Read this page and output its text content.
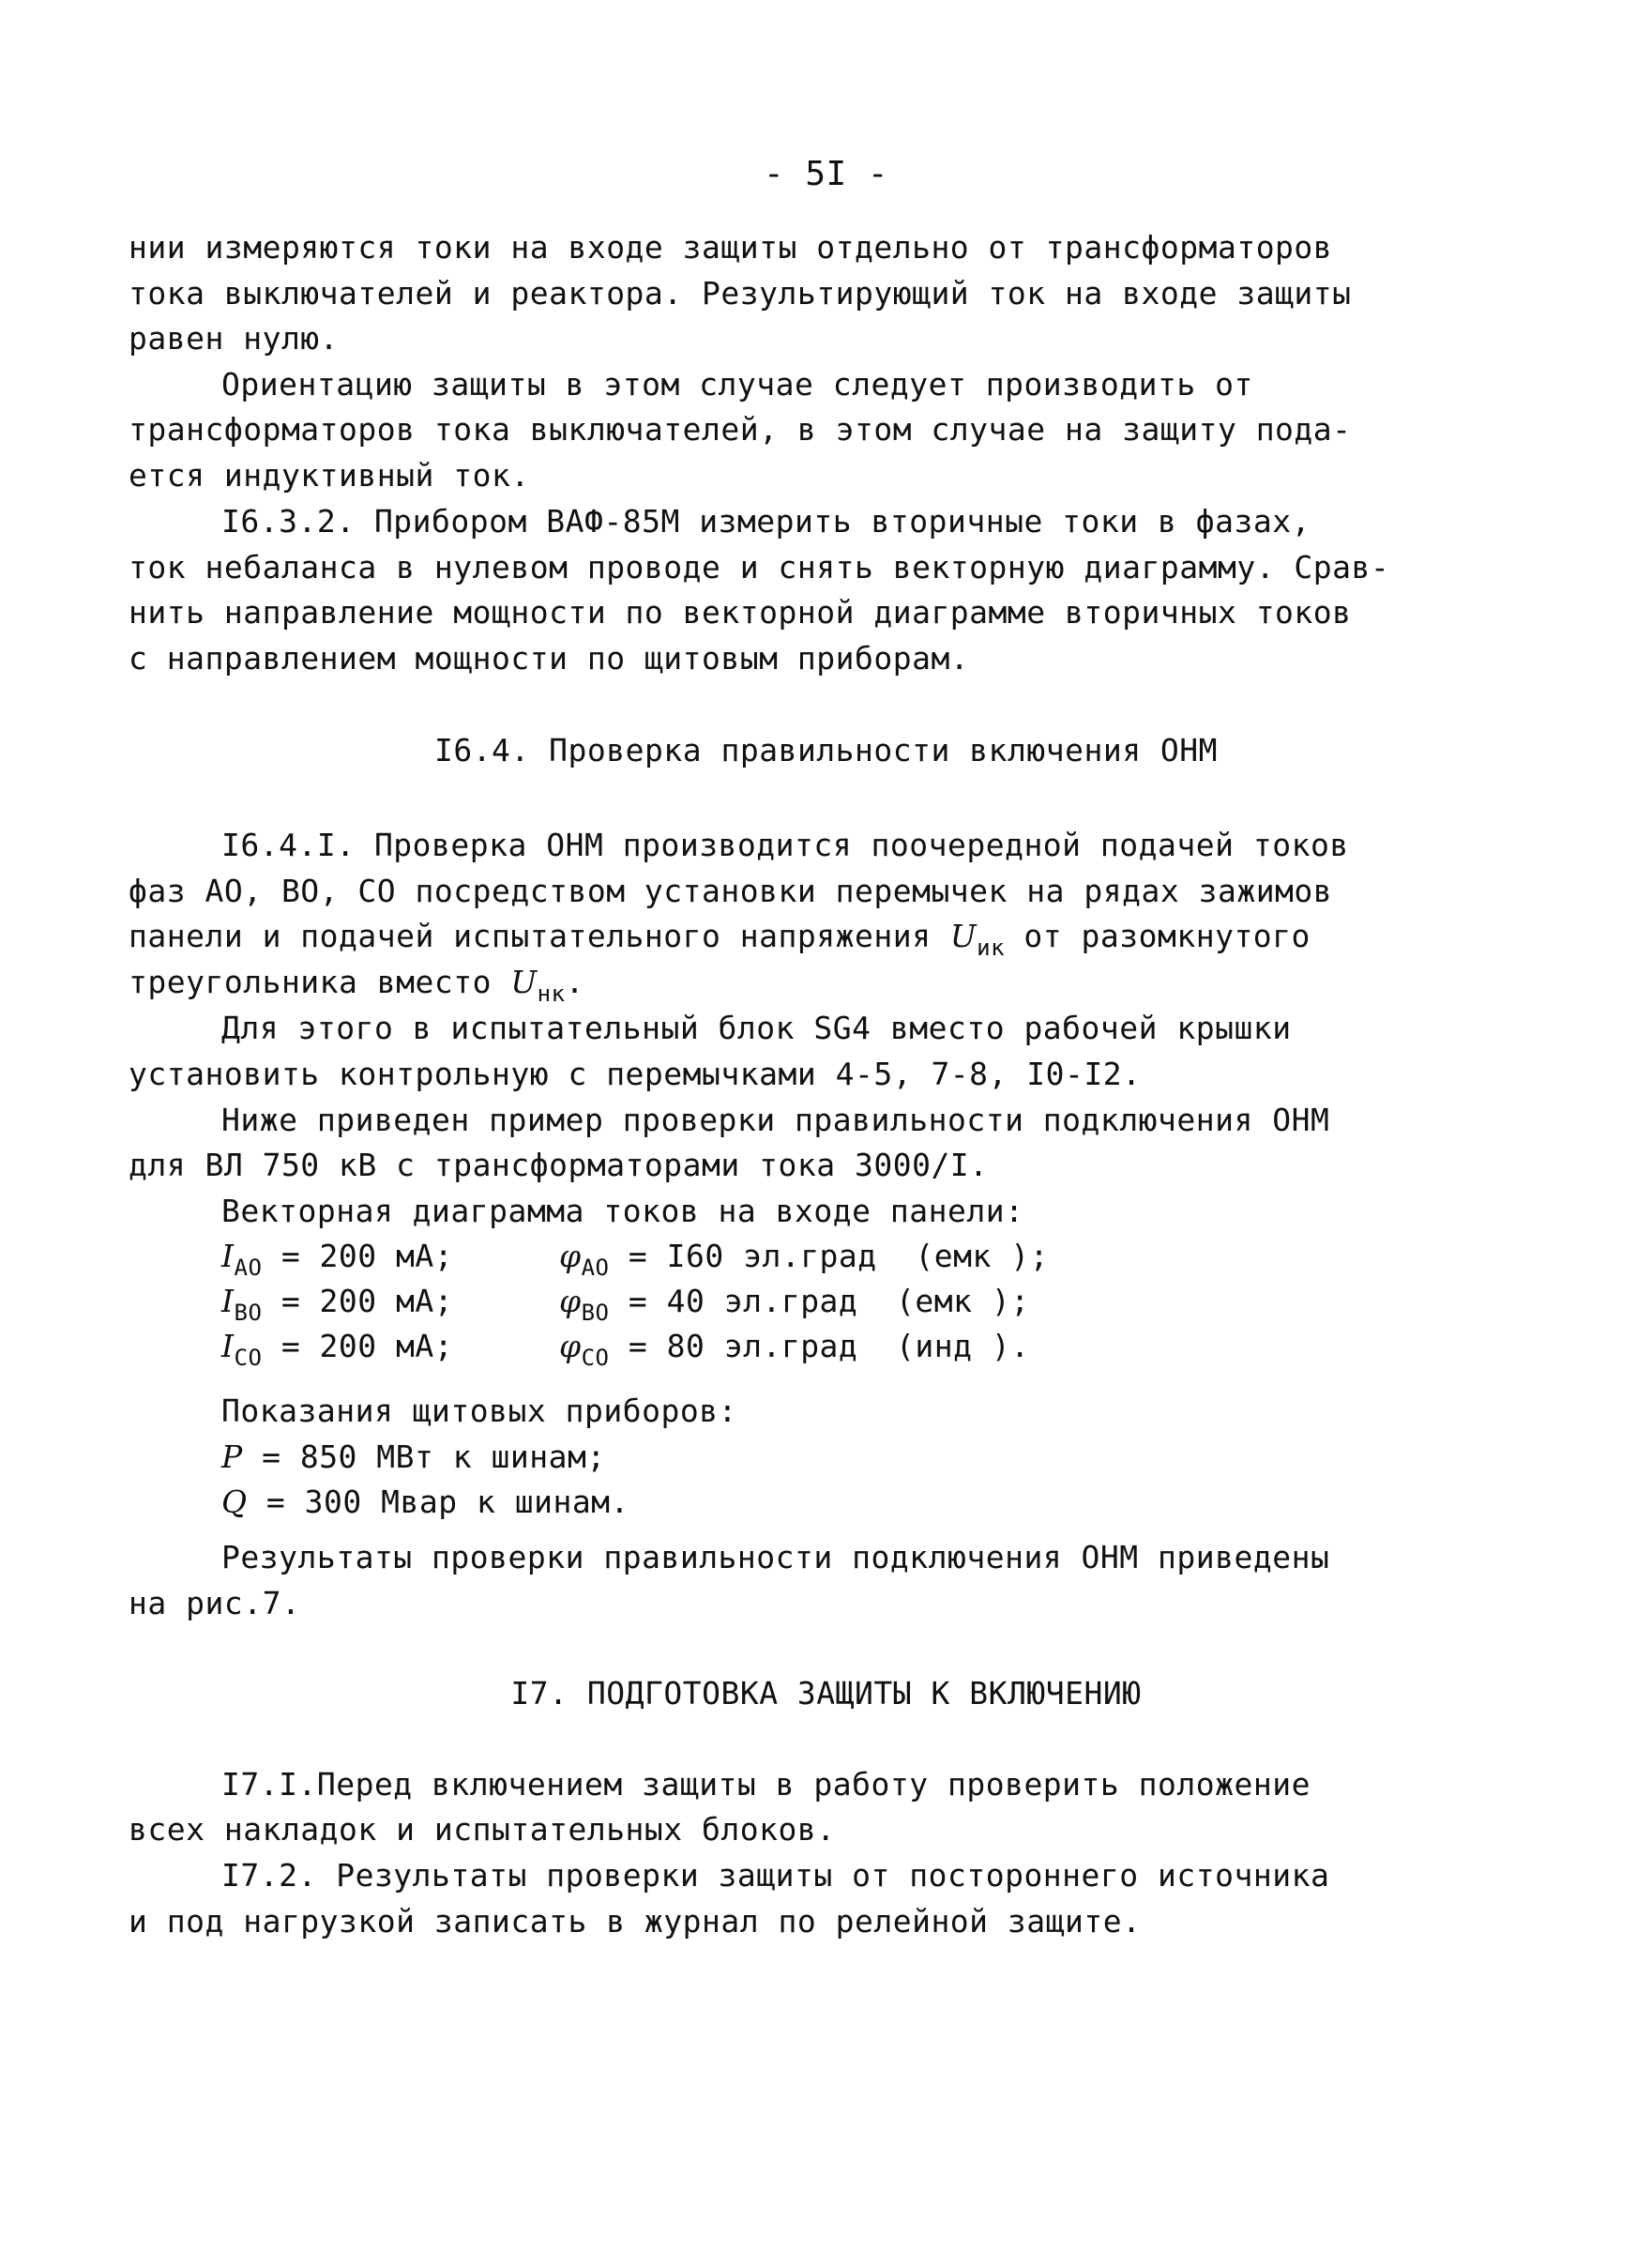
- 5I -
нии измеряются токи на входе защиты отдельно от трансформаторов
тока выключателей и реактора. Результирующий ток на входе защиты
равен нулю.
Ориентацию защиты в этом случае следует производить от
трансформаторов тока выключателей, в этом случае на защиту пода-
ется индуктивный ток.
I6.3.2. Прибором ВАФ-85М измерить вторичные токи в фазах,
ток небаланса в нулевом проводе и снять векторную диаграмму. Срав-
нить направление мощности по векторной диаграмме вторичных токов
с направлением мощности по щитовым приборам.
I6.4. Проверка правильности включения ОНМ
I6.4.I. Проверка ОНМ производится поочередной подачей токов
фаз АО, ВО, СО посредством установки перемычек на рядах зажимов
панели и подачей испытательного напряжения $U_{ик}$ от разомкнутого
треугольника вместо $U_{нк}$.
Для этого в испытательный блок SG4 вместо рабочей крышки
установить контрольную с перемычками 4-5, 7-8, I0-I2.
Ниже приведен пример проверки правильности подключения ОНМ
для ВЛ 750 кВ с трансформаторами тока 3000/I.
Векторная диаграмма токов на входе панели:

$I_{АО} = 200$ мА;

	$\varphi_{АО} = I60$ эл.град  (емк );

$I_{ВО} = 200$ мА;

	$\varphi_{ВО} = 40$ эл.град  (емк );

$I_{СО} = 200$ мА;

	$\varphi_{СО} = 80$ эл.град  (инд ).

Показания щитовых приборов:
P = 850 МВт к шинам;
Q = 300 Мвар к шинам.
Результаты проверки правильности подключения ОНМ приведены
на рис.7.
I7. ПОДГОТОВКА ЗАЩИТЫ К ВКЛЮЧЕНИЮ
I7.I.Перед включением защиты в работу проверить положение
всех накладок и испытательных блоков.
I7.2. Результаты проверки защиты от постороннего источника
и под нагрузкой записать в журнал по релейной защите.
